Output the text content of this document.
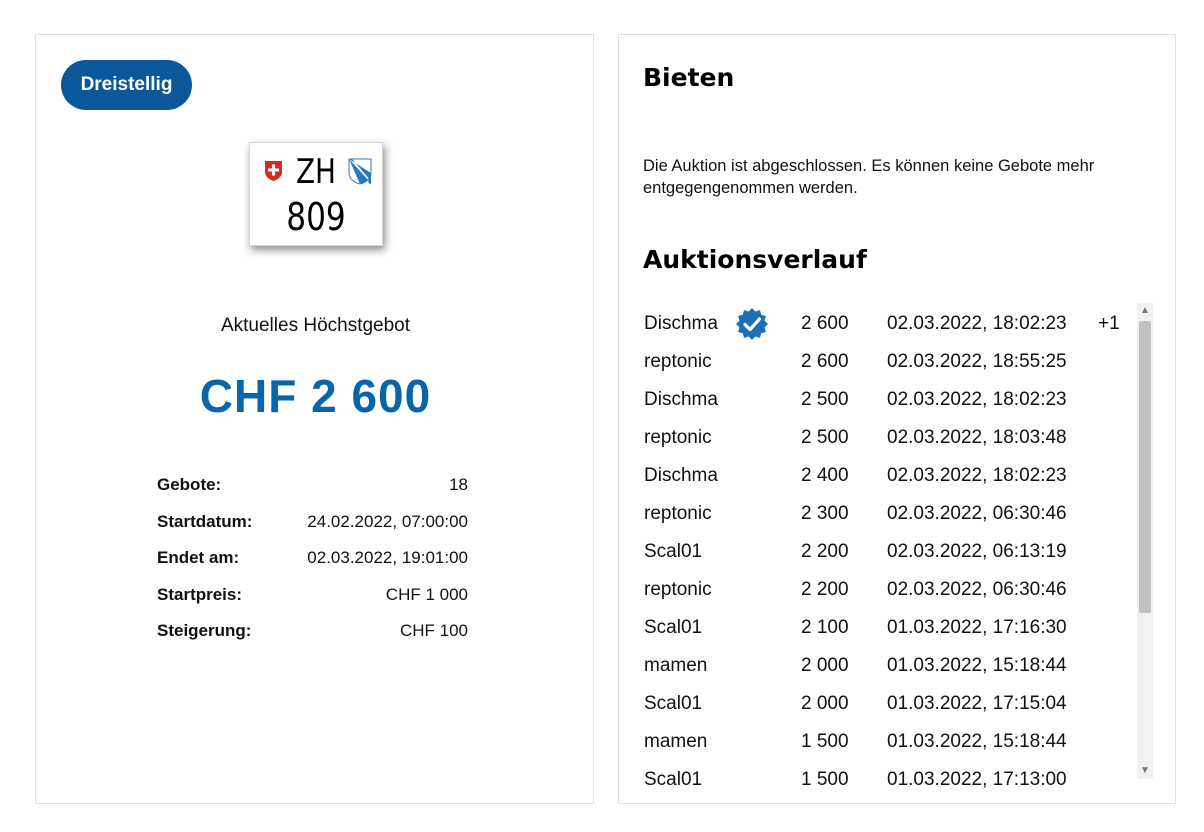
Dreistellig
ZH
809
Aktuelles Höchstgebot
CHF 2 600
Gebote:	18
Startdatum:	24.02.2022, 07:00:00
Endet am:	02.03.2022, 19:01:00
Startpreis:	CHF 1 000
Steigerung:	CHF 100
Bieten
Die Auktion ist abgeschlossen. Es können keine Gebote mehr entgegengenommen werden.
Auktionsverlauf
Dischma	2 600 02.03.2022, 18:02:23 +1
reptonic	2 600 02.03.2022, 18:55:25
Dischma	2 500 02.03.2022, 18:02:23
reptonic	2 500 02.03.2022, 18:03:48
Dischma	2 400 02.03.2022, 18:02:23
reptonic	2 300 02.03.2022, 06:30:46
Scal01	2 200 02.03.2022, 06:13:19
reptonic	2 200 02.03.2022, 06:30:46
Scal01	2 100 01.03.2022, 17:16:30
mamen	2 000 01.03.2022, 15:18:44
Scal01	2 000 01.03.2022, 17:15:04
mamen	1 500 01.03.2022, 15:18:44
Scal01	1 500 01.03.2022, 17:13:00
▲
▼
